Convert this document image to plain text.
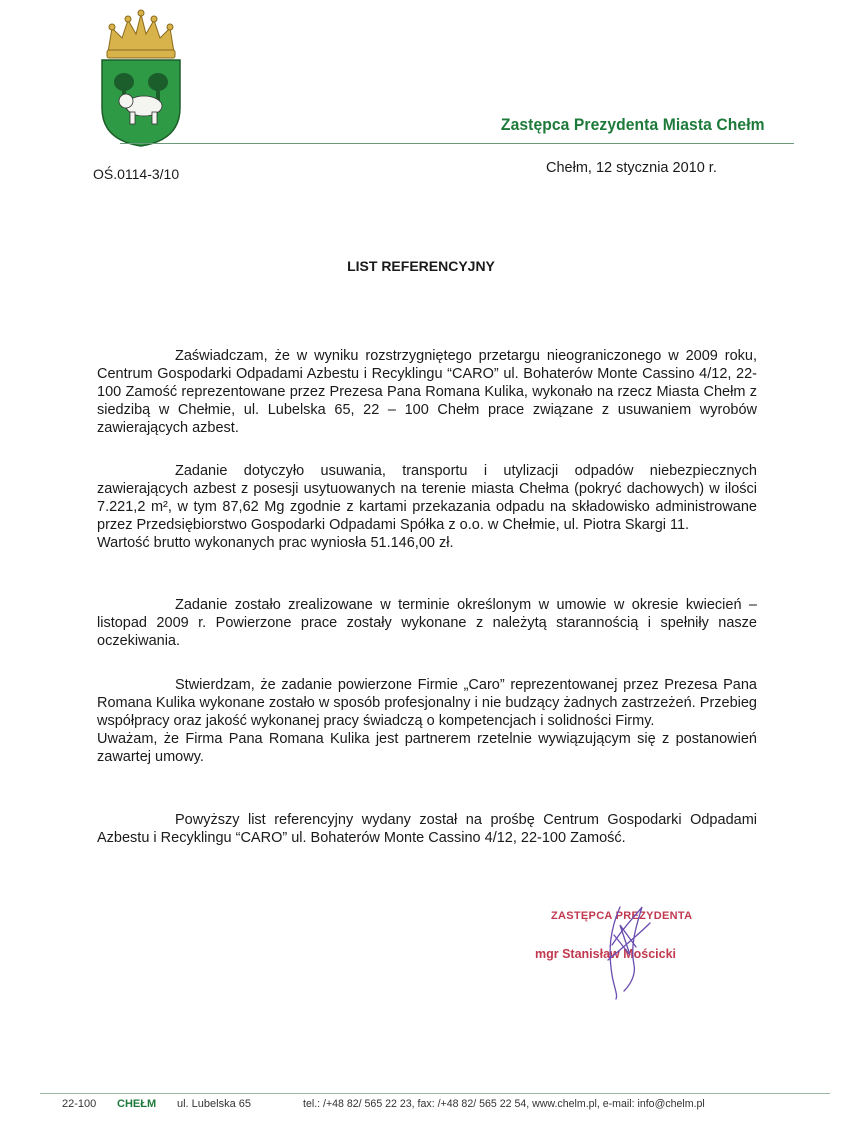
Zastępca Prezydenta Miasta Chełm
OŚ.0114-3/10	Chełm, 12 stycznia 2010 r.
LIST REFERENCYJNY

Zaświadczam, że w wyniku rozstrzygniętego przetargu nieograniczonego w 2009 roku, Centrum Gospodarki Odpadami Azbestu i Recyklingu “CARO” ul. Bohaterów Monte Cassino 4/12, 22-100 Zamość reprezentowane przez Prezesa Pana Romana Kulika, wykonało na rzecz Miasta Chełm z siedzibą w Chełmie, ul. Lubelska 65, 22 – 100 Chełm prace związane z usuwaniem wyrobów zawierających azbest.

Zadanie dotyczyło usuwania, transportu i utylizacji odpadów niebezpiecznych zawierających azbest z posesji usytuowanych na terenie miasta Chełma (pokryć dachowych) w ilości 7.221,2 m², w tym 87,62 Mg zgodnie z kartami przekazania odpadu na składowisko administrowane przez Przedsiębiorstwo Gospodarki Odpadami Spółka z o.o. w Chełmie, ul. Piotra Skargi 11.

Wartość brutto wykonanych prac wyniosła 51.146,00 zł.

Zadanie zostało zrealizowane w terminie określonym w umowie w okresie kwiecień – listopad 2009 r. Powierzone prace zostały wykonane z należytą starannością i spełniły nasze oczekiwania.

Stwierdzam, że zadanie powierzone Firmie „Caro” reprezentowanej przez Prezesa Pana Romana Kulika wykonane zostało w sposób profesjonalny i nie budzący żadnych zastrzeżeń. Przebieg współpracy oraz jakość wykonanej pracy świadczą o kompetencjach i solidności Firmy.

Uważam, że Firma Pana Romana Kulika jest partnerem rzetelnie wywiązującym się z postanowień zawartej umowy.

Powyższy list referencyjny wydany został na prośbę Centrum Gospodarki Odpadami Azbestu i Recyklingu “CARO” ul. Bohaterów Monte Cassino 4/12, 22-100 Zamość.

ZASTĘPCA PREZYDENTA
mgr Stanisław Mościcki
22-100 CHEŁM ul. Lubelska 65	tel.: /+48 82/ 565 22 23, fax: /+48 82/ 565 22 54, www.chelm.pl, e-mail: info@chelm.pl
